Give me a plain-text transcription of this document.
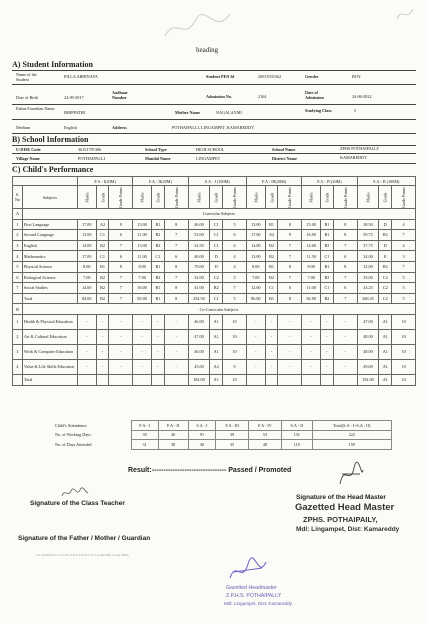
heading
A) Student Information
Name of the Student
PILLA ABHINAYA	Student PEN Id	20013935362	Gender	BOY
Date of Birth	24-09-2017
Aadhaar Number	Admission No.	2164
Date of Admission	24-06-2022
Father/Guardian Name
BHIPPATHI	Mother Name	NAGALAXMI	Studying Class	5
Medium	English	Address	POTHAIPALLI, LINGAMPET, KAMAREDDY
B) School Information
U-DISE Code	36151787406	School Type	HIGH SCHOOL	School Name	ZPHS POTHAIPALLY
Village Name	POTHAIPALLI	Mandal Name	LINGAMPET	District Name	KAMAREDDY
C) Child's Performance
		F.A - I(20M)			F.A - II(20M)			S.A - I (100M)			F.A - III(20M)			F.A - IV(20M)			S.A - II (100M)		
S. No	Subjects	Marks	Grade	Grade Points	Marks	Grade	Grade Points	Marks	Grade	Grade Points	Marks	Grade	Grade Points	Marks	Grade	Grade Points	Marks	Grade	Grade Points
A	Curricular Subjects																		
1	First Language	17.00	A2	9	15.00	B1	8	46.00	C1	5	13.00	B1	8	15.00	B1	8	38.50	D	4
2	Second Language	13.00	C1	6	11.00	B2	7	53.00	C1	6	17.00	A2	9	16.00	B1	8	59.75	B2	7
3	English	14.00	B2	7	13.00	B2	7	32.50	C1	6	14.00	B2	7	14.00	B2	7	37.75	D	4
4	Mathematics	17.00	C1	6	11.00	C1	6	40.00	D	4	13.00	B2	7	11.50	C1	6	34.00	E	3
5	Physical Science	8.00	B1	8	8.00	B1	8	70.00	D	4	8.00	B1	8	8.00	B1	8	32.00	B2	7
6	Biological Science	7.00	B2	7	7.00	B2	7	32.00	C2	5	7.00	B2	7	7.00	B2	7	33.00	C2	5
7	Social Studies	14.00	B2	7	16.00	B1	8	41.00	B2	7	12.00	C1	6	11.00	C1	6	43.25	C2	5
	Total	84.00	B2	7	85.00	B1	8	254.50	C1	5	86.00	B1	8	82.00	B2	7	260.25	C2	5
B	Co-Curricular Subjects																		
1	Health & Physical Education	-	-	-	-	-	-	46.00	A1	10	-	-	-	-	-	-	47.00	A1	10
2	Art & Cultural Education	-	-	-	-	-	-	47.00	A1	10	-	-	-	-	-	-	48.00	A1	10
3	Work & Computer Education	-	-	-	-	-	-	46.00	A1	10	-	-	-	-	-	-	48.00	A1	10
4	Value & Life Skills Education	-	-	-	-	-	-	45.00	A2	9	-	-	-	-	-	-	49.00	A1	10
	Total							184.00	A1	10							192.00	A1	10
Child's Attendance	F.A - I	F.A - II	S.A - I	F.A - III	F.A - IV	S.A - II	Total(S.A - I+S.A - II)
No. of Working Days	39	46	91	39	53	131	222
No. of Days Attended	31	38	40	35	48	119	159
Result:-------------------------------- Passed / Promoted
Signature of the Class Teacher
Signature of the Head Master
Gazetted Head Master
ZPHS. POTHAIPAILY,
Mdl: Lingampet, Dist: Kamareddy
Signature of the Father / Mother / Guardian
S.A-I(100M) F.A-I F.A-II S.A-II F.A-III F.A-IV S.A-II(100M) S.A-II(100M)
Gazetted Headmaster
Z.P.H.S. POTHAIPALLY
Mdl: Lingampet, Dist: Kamareddy
